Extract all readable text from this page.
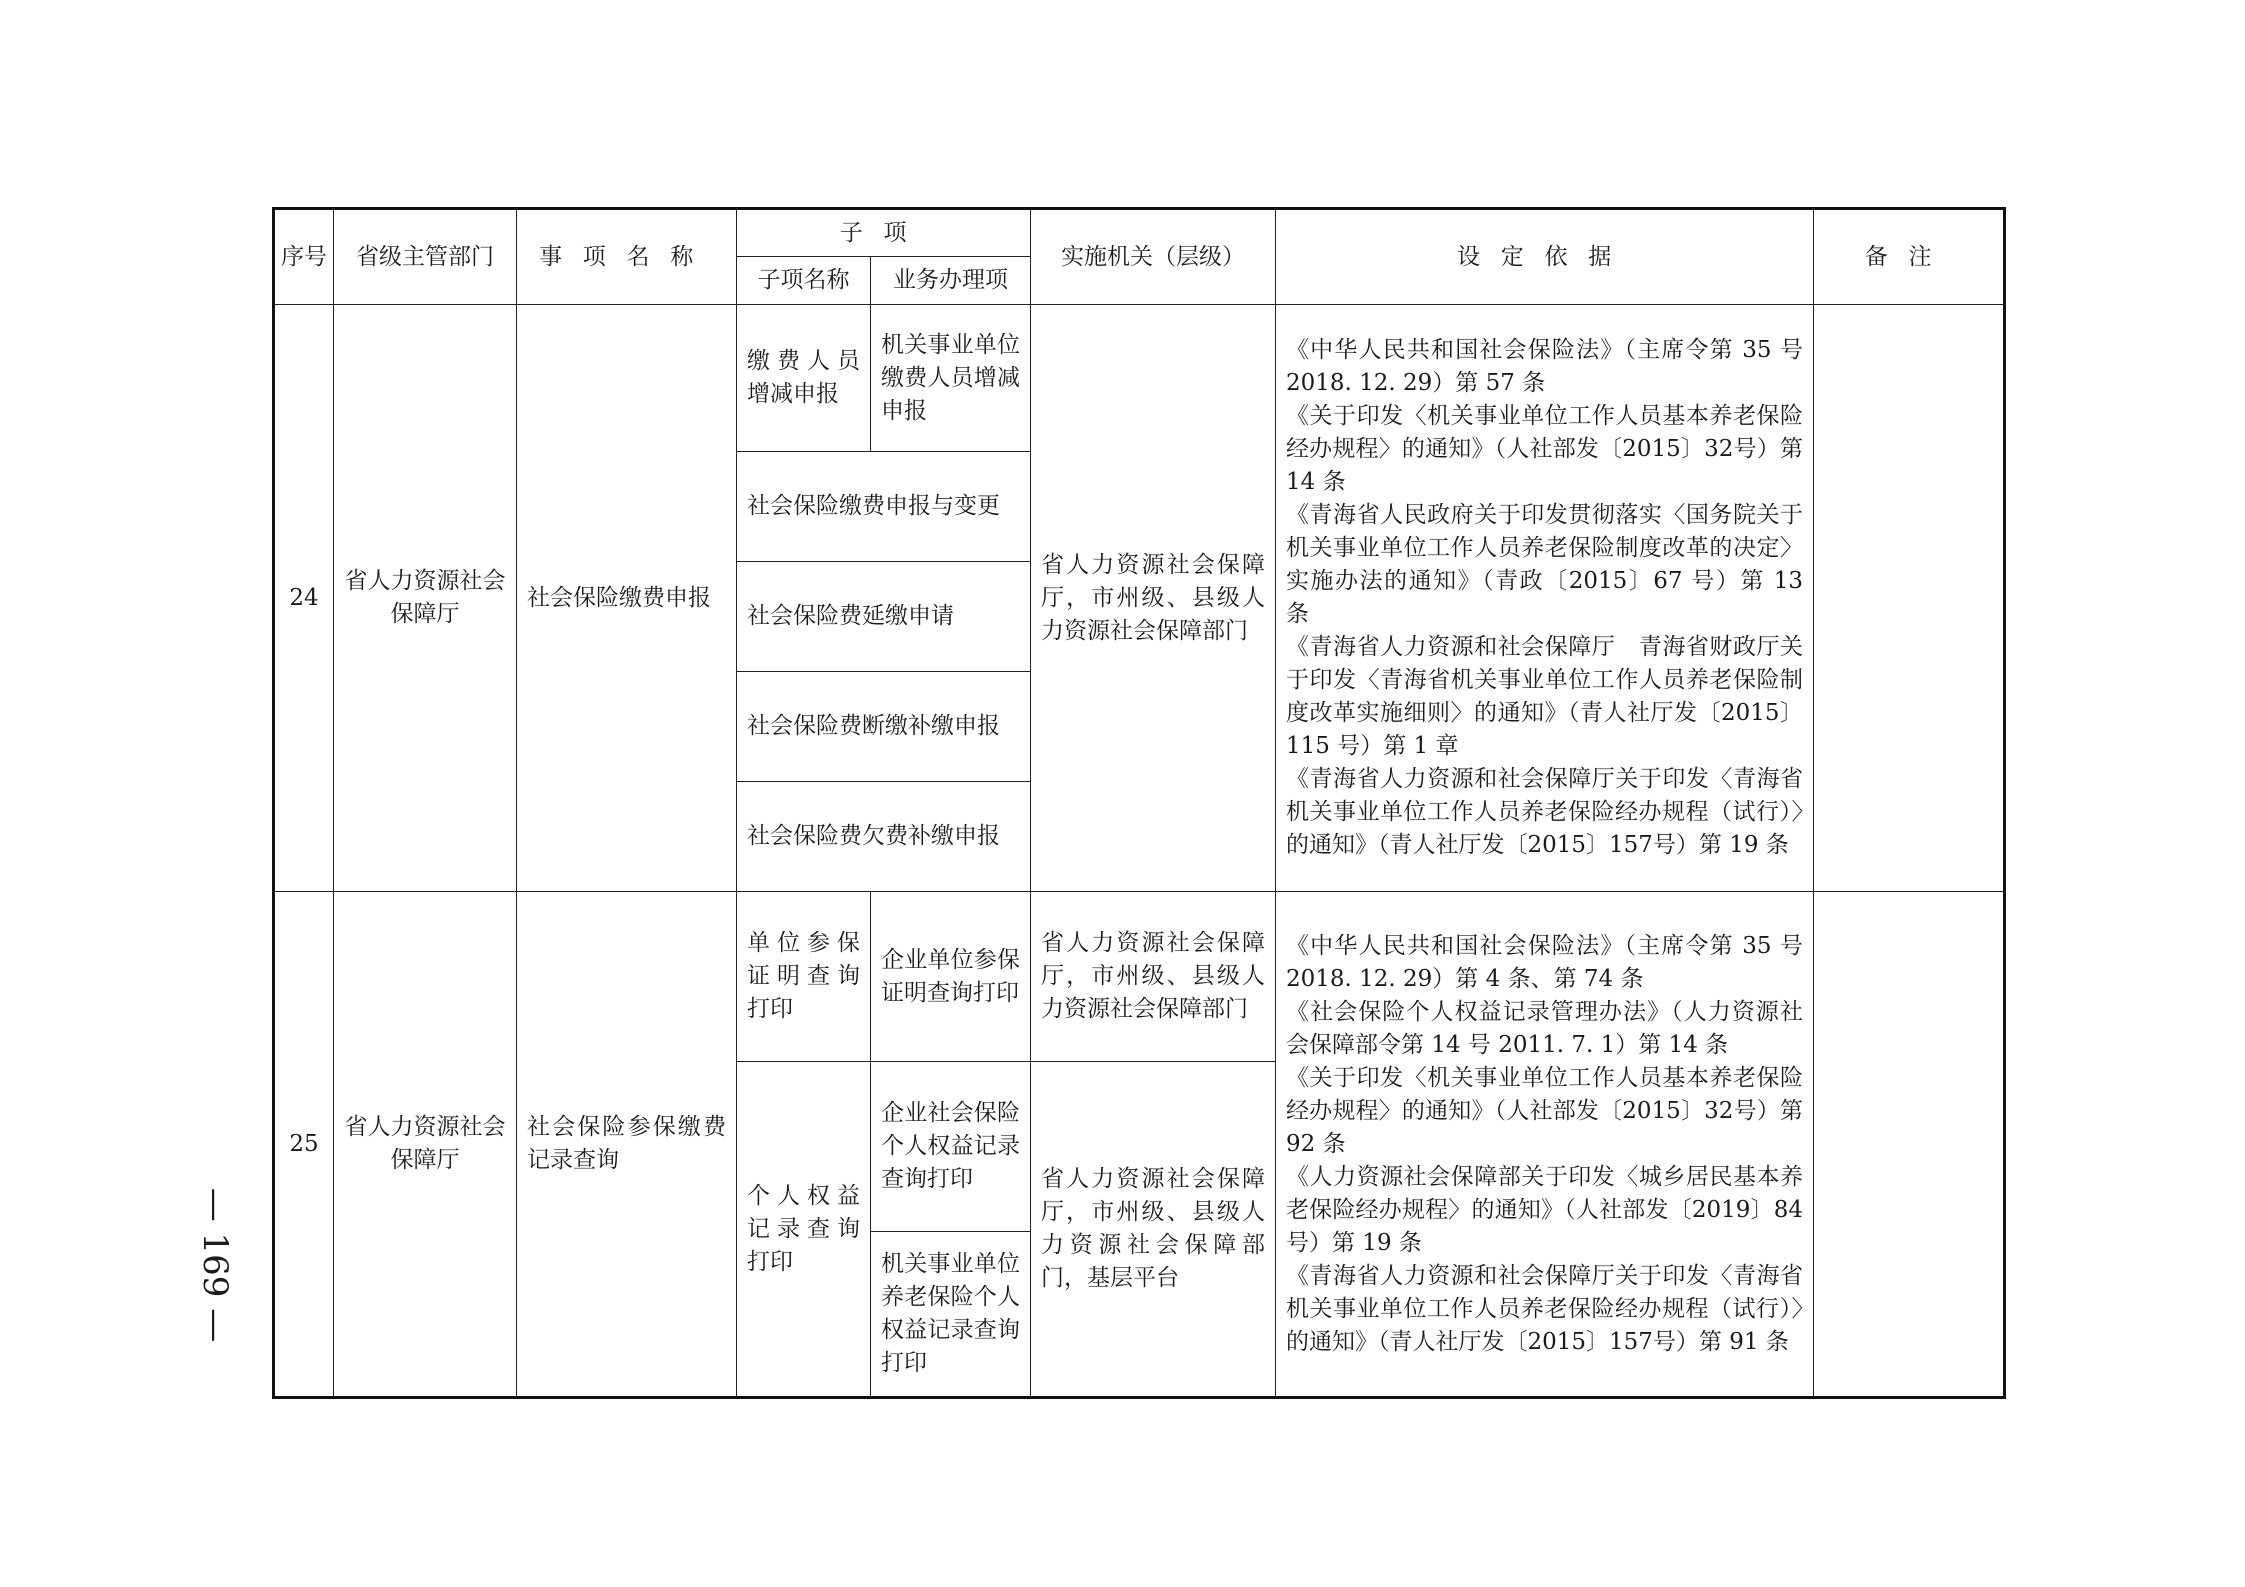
序号	省级主管部门	事项名称	子项		实施机关（层级）	设定依据	备注
			子项名称	业务办理项			
24	省人力资源社会保障厅	社会保险缴费申报	缴费人员增减申报	机关事业单位缴费人员增减申报	省人力资源社会保障厅，市州级、县级人力资源社会保障部门	《中华人民共和国社会保险法》（主席令第 35 号 2018. 12. 29）第 57 条

《关于印发〈机关事业单位工作人员基本养老保险经办规程〉的通知》（人社部发〔2015〕32号）第 14 条

《青海省人民政府关于印发贯彻落实〈国务院关于机关事业单位工作人员养老保险制度改革的决定〉实施办法的通知》（青政〔2015〕67 号）第 13 条

《青海省人力资源和社会保障厅　青海省财政厅关于印发〈青海省机关事业单位工作人员养老保险制度改革实施细则〉的通知》（青人社厅发〔2015〕115 号）第 1 章

《青海省人力资源和社会保障厅关于印发〈青海省机关事业单位工作人员养老保险经办规程（试行）〉的通知》（青人社厅发〔2015〕157号）第 19 条	

			社会保险缴费申报与变更				
			社会保险费延缴申请				
			社会保险费断缴补缴申报				
			社会保险费欠费补缴申报				
25	省人力资源社会保障厅	社会保险参保缴费记录查询	单位参保证明查询打印	企业单位参保证明查询打印	省人力资源社会保障厅，市州级、县级人力资源社会保障部门	《中华人民共和国社会保险法》（主席令第 35 号 2018. 12. 29）第 4 条、第 74 条

《社会保险个人权益记录管理办法》（人力资源社会保障部令第 14 号 2011. 7. 1）第 14 条

《关于印发〈机关事业单位工作人员基本养老保险经办规程〉的通知》（人社部发〔2015〕32号）第 92 条

《人力资源社会保障部关于印发〈城乡居民基本养老保险经办规程〉的通知》（人社部发〔2019〕84 号）第 19 条

《青海省人力资源和社会保障厅关于印发〈青海省机关事业单位工作人员养老保险经办规程（试行）〉的通知》（青人社厅发〔2015〕157号）第 91 条	

			个人权益记录查询打印	企业社会保险个人权益记录查询打印	省人力资源社会保障厅，市州级、县级人力资源社会保障部门，基层平台		
				机关事业单位养老保险个人权益记录查询打印			
— 169 —
